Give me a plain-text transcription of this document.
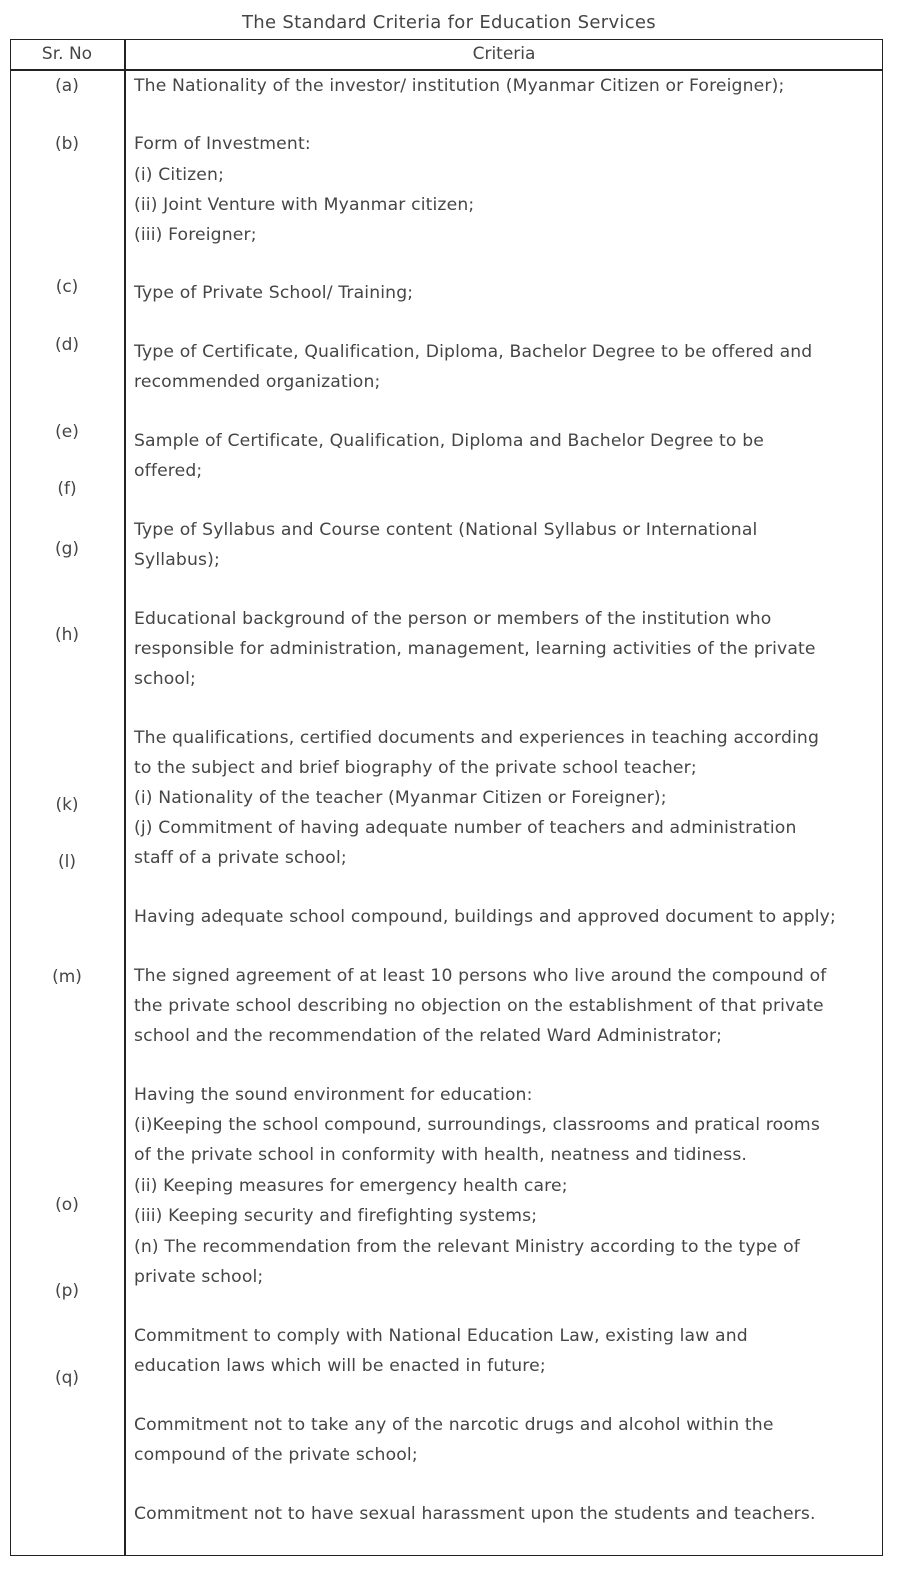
The Standard Criteria for Education Services
Sr. No	Criteria
(a)
(b)
(c)
(d)
(e)
(f)
(g)
(h)
(k)
(l)
(m)
(o)
(p)
(q)
The Nationality of the investor/ institution (Myanmar Citizen or Foreigner);
Form of Investment:
(i) Citizen;
(ii) Joint Venture with Myanmar citizen;
(iii) Foreigner;
Type of Private School/ Training;
Type of Certificate, Qualification, Diploma, Bachelor Degree to be offered and
recommended organization;
Sample of Certificate, Qualification, Diploma and Bachelor Degree to be
offered;
Type of Syllabus and Course content (National Syllabus or International
Syllabus);
Educational background of the person or members of the institution who
responsible for administration, management, learning activities of the private
school;
The qualifications, certified documents and experiences in teaching according
to the subject and brief biography of the private school teacher;
(i) Nationality of the teacher (Myanmar Citizen or Foreigner);
(j) Commitment of having adequate number of teachers and administration
staff of a private school;
Having adequate school compound, buildings and approved document to apply;
The signed agreement of at least 10 persons who live around the compound of
the private school describing no objection on the establishment of that private
school and the recommendation of the related Ward Administrator;
Having the sound environment for education:
(i)Keeping the school compound, surroundings, classrooms and pratical rooms
of the private school in conformity with health, neatness and tidiness.
(ii) Keeping measures for emergency health care;
(iii) Keeping security and firefighting systems;
(n) The recommendation from the relevant Ministry according to the type of
private school;
Commitment to comply with National Education Law, existing law and
education laws which will be enacted in future;
Commitment not to take any of the narcotic drugs and alcohol within the
compound of the private school;
Commitment not to have sexual harassment upon the students and teachers.
